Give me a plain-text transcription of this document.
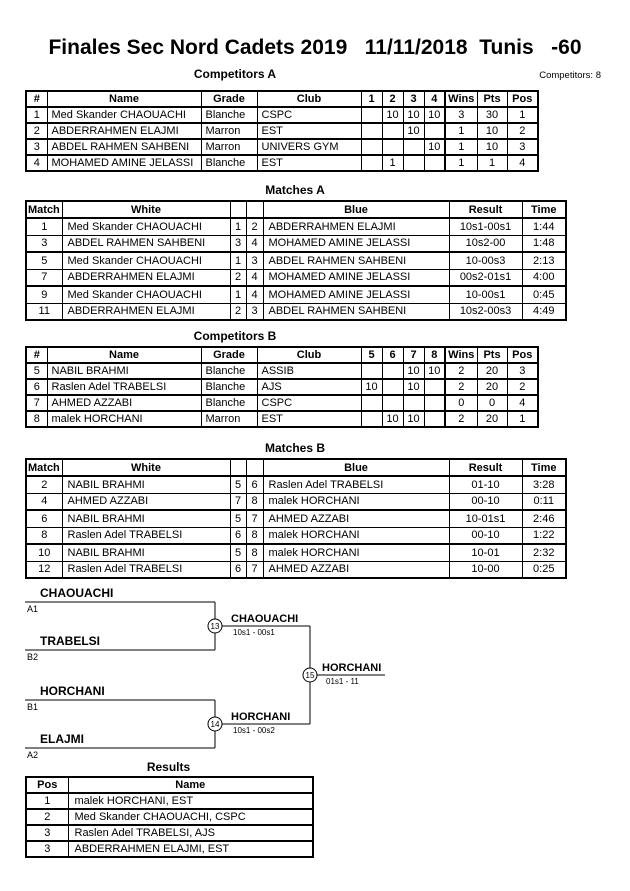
Finales Sec Nord Cadets 2019   11/11/2018  Tunis   -60
Competitors A	Competitors: 8
#	Name	Grade	Club	1	2	3	4	Wins	Pts	Pos
1	Med Skander CHAOUACHI	Blanche	CSPC		10	10	10	3	30	1
2	ABDERRAHMEN ELAJMI	Marron	EST			10		1	10	2
3	ABDEL RAHMEN SAHBENI	Marron	UNIVERS GYM				10	1	10	3
4	MOHAMED AMINE JELASSI	Blanche	EST		1			1	1	4
Matches A
Match	White			Blue	Result	Time
1	Med Skander CHAOUACHI	1	2	ABDERRAHMEN ELAJMI	10s1-00s1	1:44
3	ABDEL RAHMEN SAHBENI	3	4	MOHAMED AMINE JELASSI	10s2-00	1:48
5	Med Skander CHAOUACHI	1	3	ABDEL RAHMEN SAHBENI	10-00s3	2:13
7	ABDERRAHMEN ELAJMI	2	4	MOHAMED AMINE JELASSI	00s2-01s1	4:00
9	Med Skander CHAOUACHI	1	4	MOHAMED AMINE JELASSI	10-00s1	0:45
11	ABDERRAHMEN ELAJMI	2	3	ABDEL RAHMEN SAHBENI	10s2-00s3	4:49
Competitors B
#	Name	Grade	Club	5	6	7	8	Wins	Pts	Pos
5	NABIL BRAHMI	Blanche	ASSIB			10	10	2	20	3
6	Raslen Adel TRABELSI	Blanche	AJS	10		10		2	20	2
7	AHMED AZZABI	Blanche	CSPC					0	0	4
8	malek HORCHANI	Marron	EST		10	10		2	20	1
Matches B
Match	White			Blue	Result	Time
2	NABIL BRAHMI	5	6	Raslen Adel TRABELSI	01-10	3:28
4	AHMED AZZABI	7	8	malek HORCHANI	00-10	0:11
6	NABIL BRAHMI	5	7	AHMED AZZABI	10-01s1	2:46
8	Raslen Adel TRABELSI	6	8	malek HORCHANI	00-10	1:22
10	NABIL BRAHMI	5	8	malek HORCHANI	10-01	2:32
12	Raslen Adel TRABELSI	6	7	AHMED AZZABI	10-00	0:25
CHAOUACHI
A1
TRABELSI
B2
HORCHANI
B1
ELAJMI
A2
13
CHAOUACHI
10s1 - 00s1
14
HORCHANI
10s1 - 00s2
15
HORCHANI
01s1 - 11
Results
Pos	Name
1	malek HORCHANI, EST
2	Med Skander CHAOUACHI, CSPC
3	Raslen Adel TRABELSI, AJS
3	ABDERRAHMEN ELAJMI, EST
